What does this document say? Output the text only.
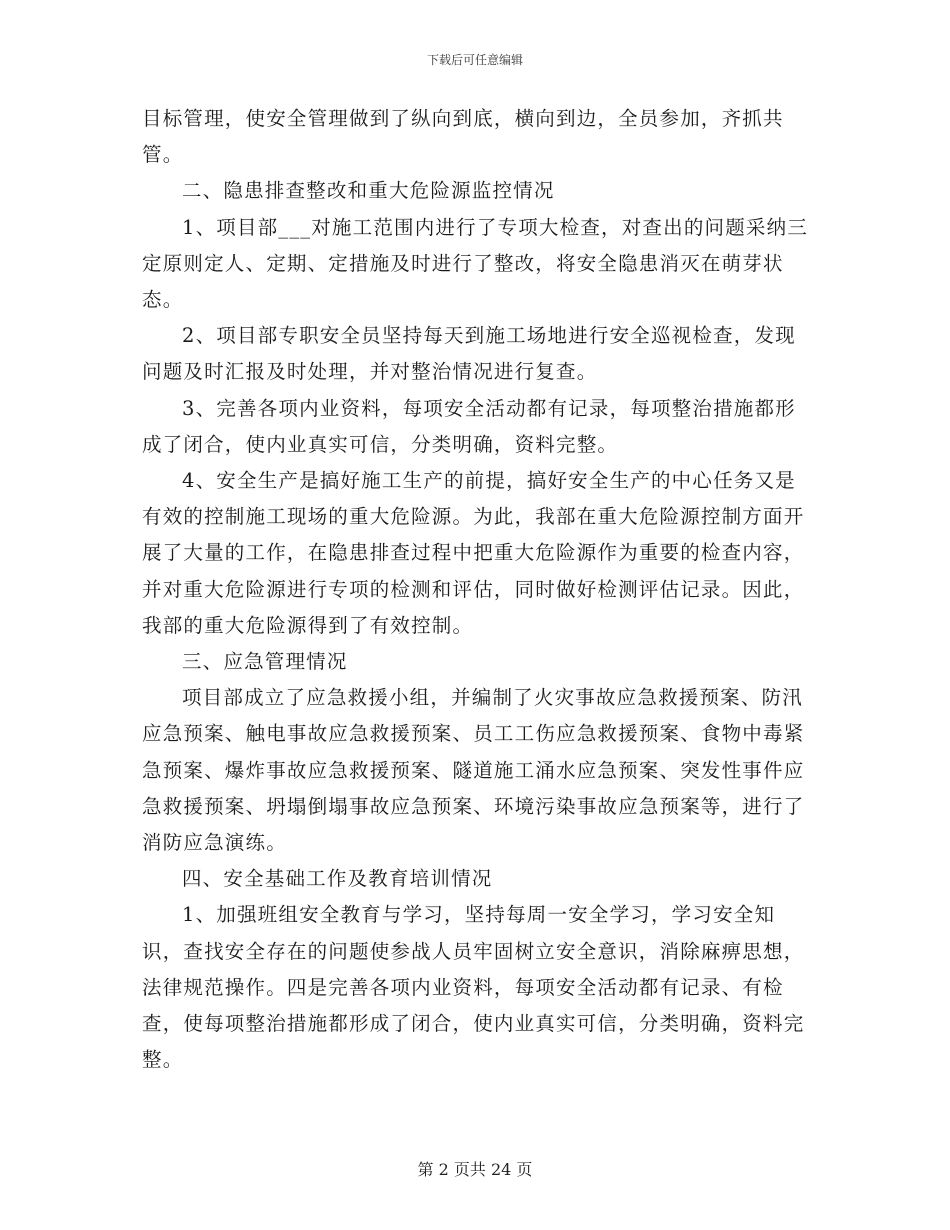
下载后可任意编辑

目标管理，使安全管理做到了纵向到底，横向到边，全员参加，齐抓共管。

二、隐患排查整改和重大危险源监控情况

1、项目部___对施工范围内进行了专项大检查，对查出的问题采纳三定原则定人、定期、定措施及时进行了整改，将安全隐患消灭在萌芽状态。

2、项目部专职安全员坚持每天到施工场地进行安全巡视检查，发现问题及时汇报及时处理，并对整治情况进行复查。

3、完善各项内业资料，每项安全活动都有记录，每项整治措施都形成了闭合，使内业真实可信，分类明确，资料完整。

4、安全生产是搞好施工生产的前提，搞好安全生产的中心任务又是有效的控制施工现场的重大危险源。为此，我部在重大危险源控制方面开展了大量的工作，在隐患排查过程中把重大危险源作为重要的检查内容，并对重大危险源进行专项的检测和评估，同时做好检测评估记录。因此，我部的重大危险源得到了有效控制。

三、应急管理情况

项目部成立了应急救援小组，并编制了火灾事故应急救援预案、防汛应急预案、触电事故应急救援预案、员工工伤应急救援预案、食物中毒紧急预案、爆炸事故应急救援预案、隧道施工涌水应急预案、突发性事件应急救援预案、坍塌倒塌事故应急预案、环境污染事故应急预案等，进行了消防应急演练。

四、安全基础工作及教育培训情况

1、加强班组安全教育与学习，坚持每周一安全学习，学习安全知识，查找安全存在的问题使参战人员牢固树立安全意识，消除麻痹思想，法律规范操作。四是完善各项内业资料，每项安全活动都有记录、有检查，使每项整治措施都形成了闭合，使内业真实可信，分类明确，资料完整。

第 2 页共 24 页
